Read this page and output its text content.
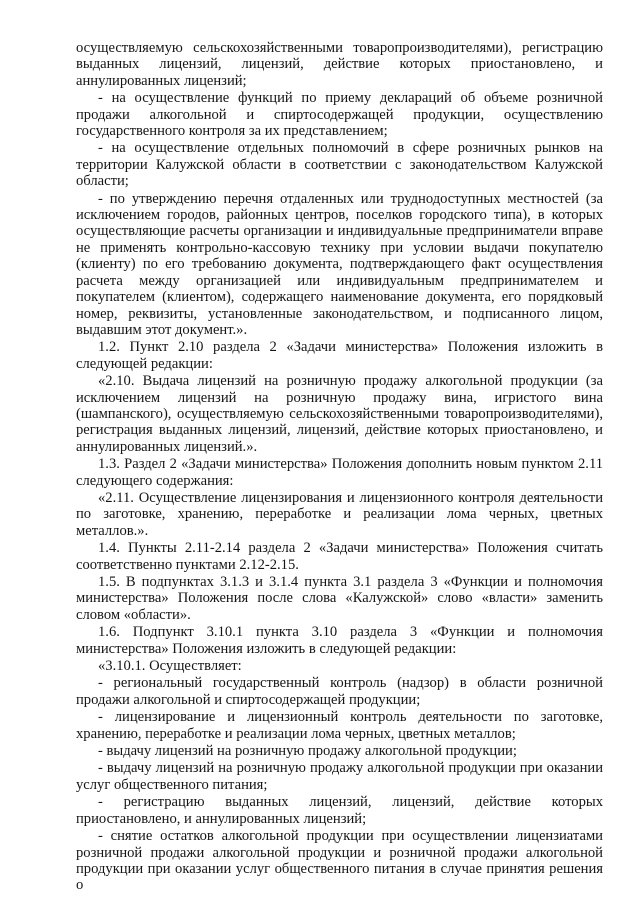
осуществляемую сельскохозяйственными товаропроизводителями), регистрацию выданных лицензий, лицензий, действие которых приостановлено, и аннулированных лицензий;

- на осуществление функций по приему деклараций об объеме розничной продажи алкогольной и спиртосодержащей продукции, осуществлению государственного контроля за их представлением;

- на осуществление отдельных полномочий в сфере розничных рынков на территории Калужской области в соответствии с законодательством Калужской области;

- по утверждению перечня отдаленных или труднодоступных местностей (за исключением городов, районных центров, поселков городского типа), в которых осуществляющие расчеты организации и индивидуальные предприниматели вправе не применять контрольно-кассовую технику при условии выдачи покупателю (клиенту) по его требованию документа, подтверждающего факт осуществления расчета между организацией или индивидуальным предпринимателем и покупателем (клиентом), содержащего наименование документа, его порядковый номер, реквизиты, установленные законодательством, и подписанного лицом, выдавшим этот документ.».

1.2. Пункт 2.10 раздела 2 «Задачи министерства» Положения изложить в следующей редакции:

«2.10. Выдача лицензий на розничную продажу алкогольной продукции (за исключением лицензий на розничную продажу вина, игристого вина (шампанского), осуществляемую сельскохозяйственными товаропроизводителями), регистрация выданных лицензий, лицензий, действие которых приостановлено, и аннулированных лицензий.».

1.3. Раздел 2 «Задачи министерства» Положения дополнить новым пунктом 2.11 следующего содержания:

«2.11. Осуществление лицензирования и лицензионного контроля деятельности по заготовке, хранению, переработке и реализации лома черных, цветных металлов.».

1.4. Пункты 2.11-2.14 раздела 2 «Задачи министерства» Положения считать соответственно пунктами 2.12-2.15.

1.5. В подпунктах 3.1.3 и 3.1.4 пункта 3.1 раздела 3 «Функции и полномочия министерства» Положения после слова «Калужской» слово «власти» заменить словом «области».

1.6. Подпункт 3.10.1 пункта 3.10 раздела 3 «Функции и полномочия министерства» Положения изложить в следующей редакции:

«3.10.1. Осуществляет:

- региональный государственный контроль (надзор) в области розничной продажи алкогольной и спиртосодержащей продукции;

- лицензирование и лицензионный контроль деятельности по заготовке, хранению, переработке и реализации лома черных, цветных металлов;

- выдачу лицензий на розничную продажу алкогольной продукции;

- выдачу лицензий на розничную продажу алкогольной продукции при оказании услуг общественного питания;

- регистрацию выданных лицензий, лицензий, действие которых приостановлено, и аннулированных лицензий;

- снятие остатков алкогольной продукции при осуществлении лицензиатами розничной продажи алкогольной продукции и розничной продажи алкогольной продукции при оказании услуг общественного питания в случае принятия решения о
